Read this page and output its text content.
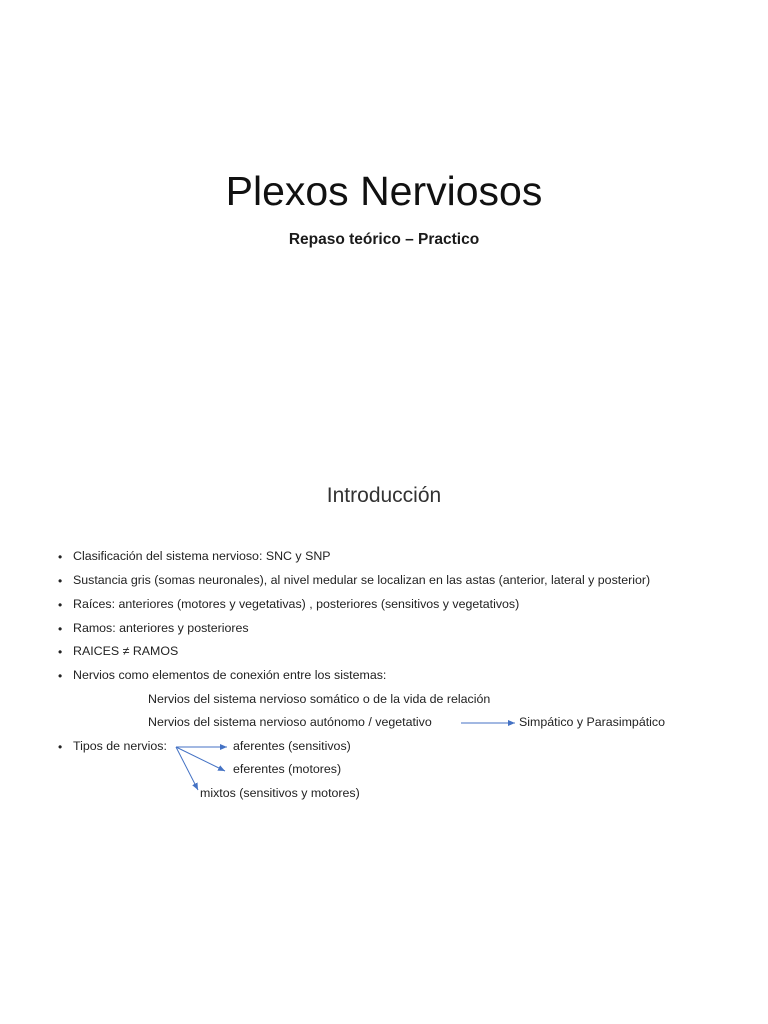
Plexos Nerviosos
Repaso teórico – Practico
Introducción
• Clasificación del sistema nervioso: SNC y SNP
• Sustancia gris (somas neuronales), al nivel medular se localizan en las astas (anterior, lateral y posterior)
• Raíces: anteriores (motores y vegetativas) , posteriores (sensitivos y vegetativos)
• Ramos: anteriores y posteriores
• RAICES ≠ RAMOS
• Nervios como elementos de conexión entre los sistemas:
Nervios del sistema nervioso somático o de la vida de relación
Nervios del sistema nervioso autónomo / vegetativo	Simpático y Parasimpático
• Tipos de nervios:	aferentes (sensitivos)
eferentes (motores)
mixtos (sensitivos y motores)
